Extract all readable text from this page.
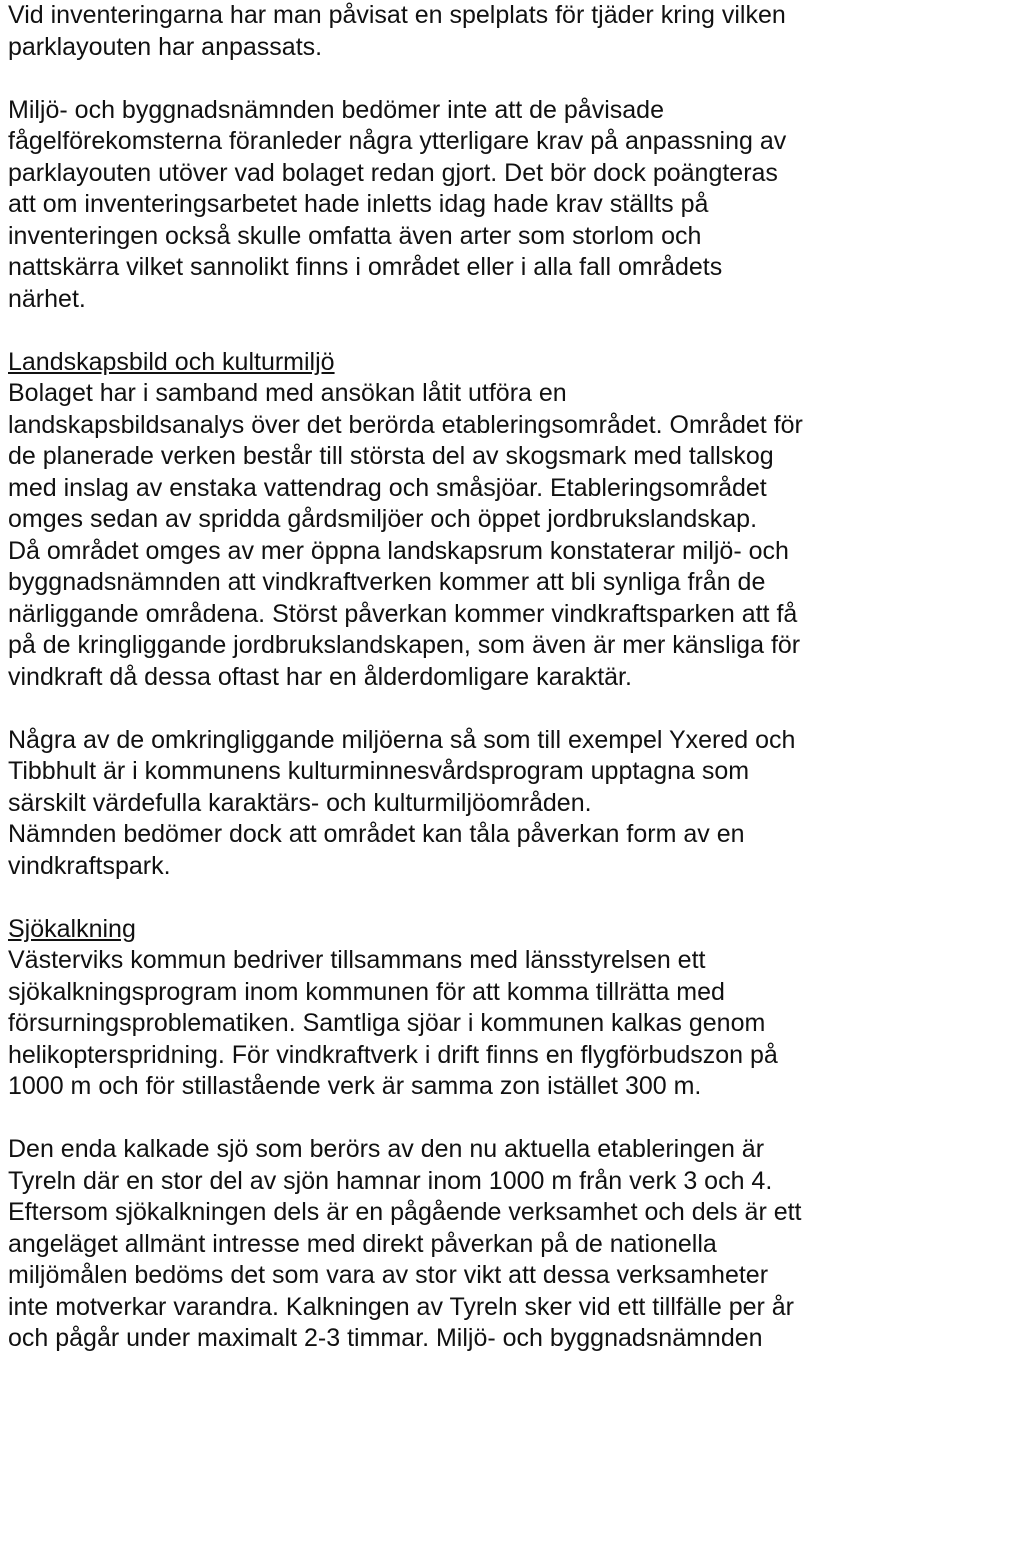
Vid inventeringarna har man påvisat en spelplats för tjäder kring vilken
parklayouten har anpassats.
Miljö- och byggnadsnämnden bedömer inte att de påvisade
fågelförekomsterna föranleder några ytterligare krav på anpassning av
parklayouten utöver vad bolaget redan gjort. Det bör dock poängteras
att om inventeringsarbetet hade inletts idag hade krav ställts på
inventeringen också skulle omfatta även arter som storlom och
nattskärra vilket sannolikt finns i området eller i alla fall områdets
närhet.
Landskapsbild och kulturmiljö
Bolaget har i samband med ansökan låtit utföra en
landskapsbildsanalys över det berörda etableringsområdet. Området för
de planerade verken består till största del av skogsmark med tallskog
med inslag av enstaka vattendrag och småsjöar. Etableringsområdet
omges sedan av spridda gårdsmiljöer och öppet jordbrukslandskap.
Då området omges av mer öppna landskapsrum konstaterar miljö- och
byggnadsnämnden att vindkraftverken kommer att bli synliga från de
närliggande områdena. Störst påverkan kommer vindkraftsparken att få
på de kringliggande jordbrukslandskapen, som även är mer känsliga för
vindkraft då dessa oftast har en ålderdomligare karaktär.
Några av de omkringliggande miljöerna så som till exempel Yxered och
Tibbhult är i kommunens kulturminnesvårdsprogram upptagna som
särskilt värdefulla karaktärs- och kulturmiljöområden.
Nämnden bedömer dock att området kan tåla påverkan form av en
vindkraftspark.
Sjökalkning
Västerviks kommun bedriver tillsammans med länsstyrelsen ett
sjökalkningsprogram inom kommunen för att komma tillrätta med
försurningsproblematiken. Samtliga sjöar i kommunen kalkas genom
helikopterspridning. För vindkraftverk i drift finns en flygförbudszon på
1000 m och för stillastående verk är samma zon istället 300 m.
Den enda kalkade sjö som berörs av den nu aktuella etableringen är
Tyreln där en stor del av sjön hamnar inom 1000 m från verk 3 och 4.
Eftersom sjökalkningen dels är en pågående verksamhet och dels är ett
angeläget allmänt intresse med direkt påverkan på de nationella
miljömålen bedöms det som vara av stor vikt att dessa verksamheter
inte motverkar varandra. Kalkningen av Tyreln sker vid ett tillfälle per år
och pågår under maximalt 2-3 timmar. Miljö- och byggnadsnämnden
